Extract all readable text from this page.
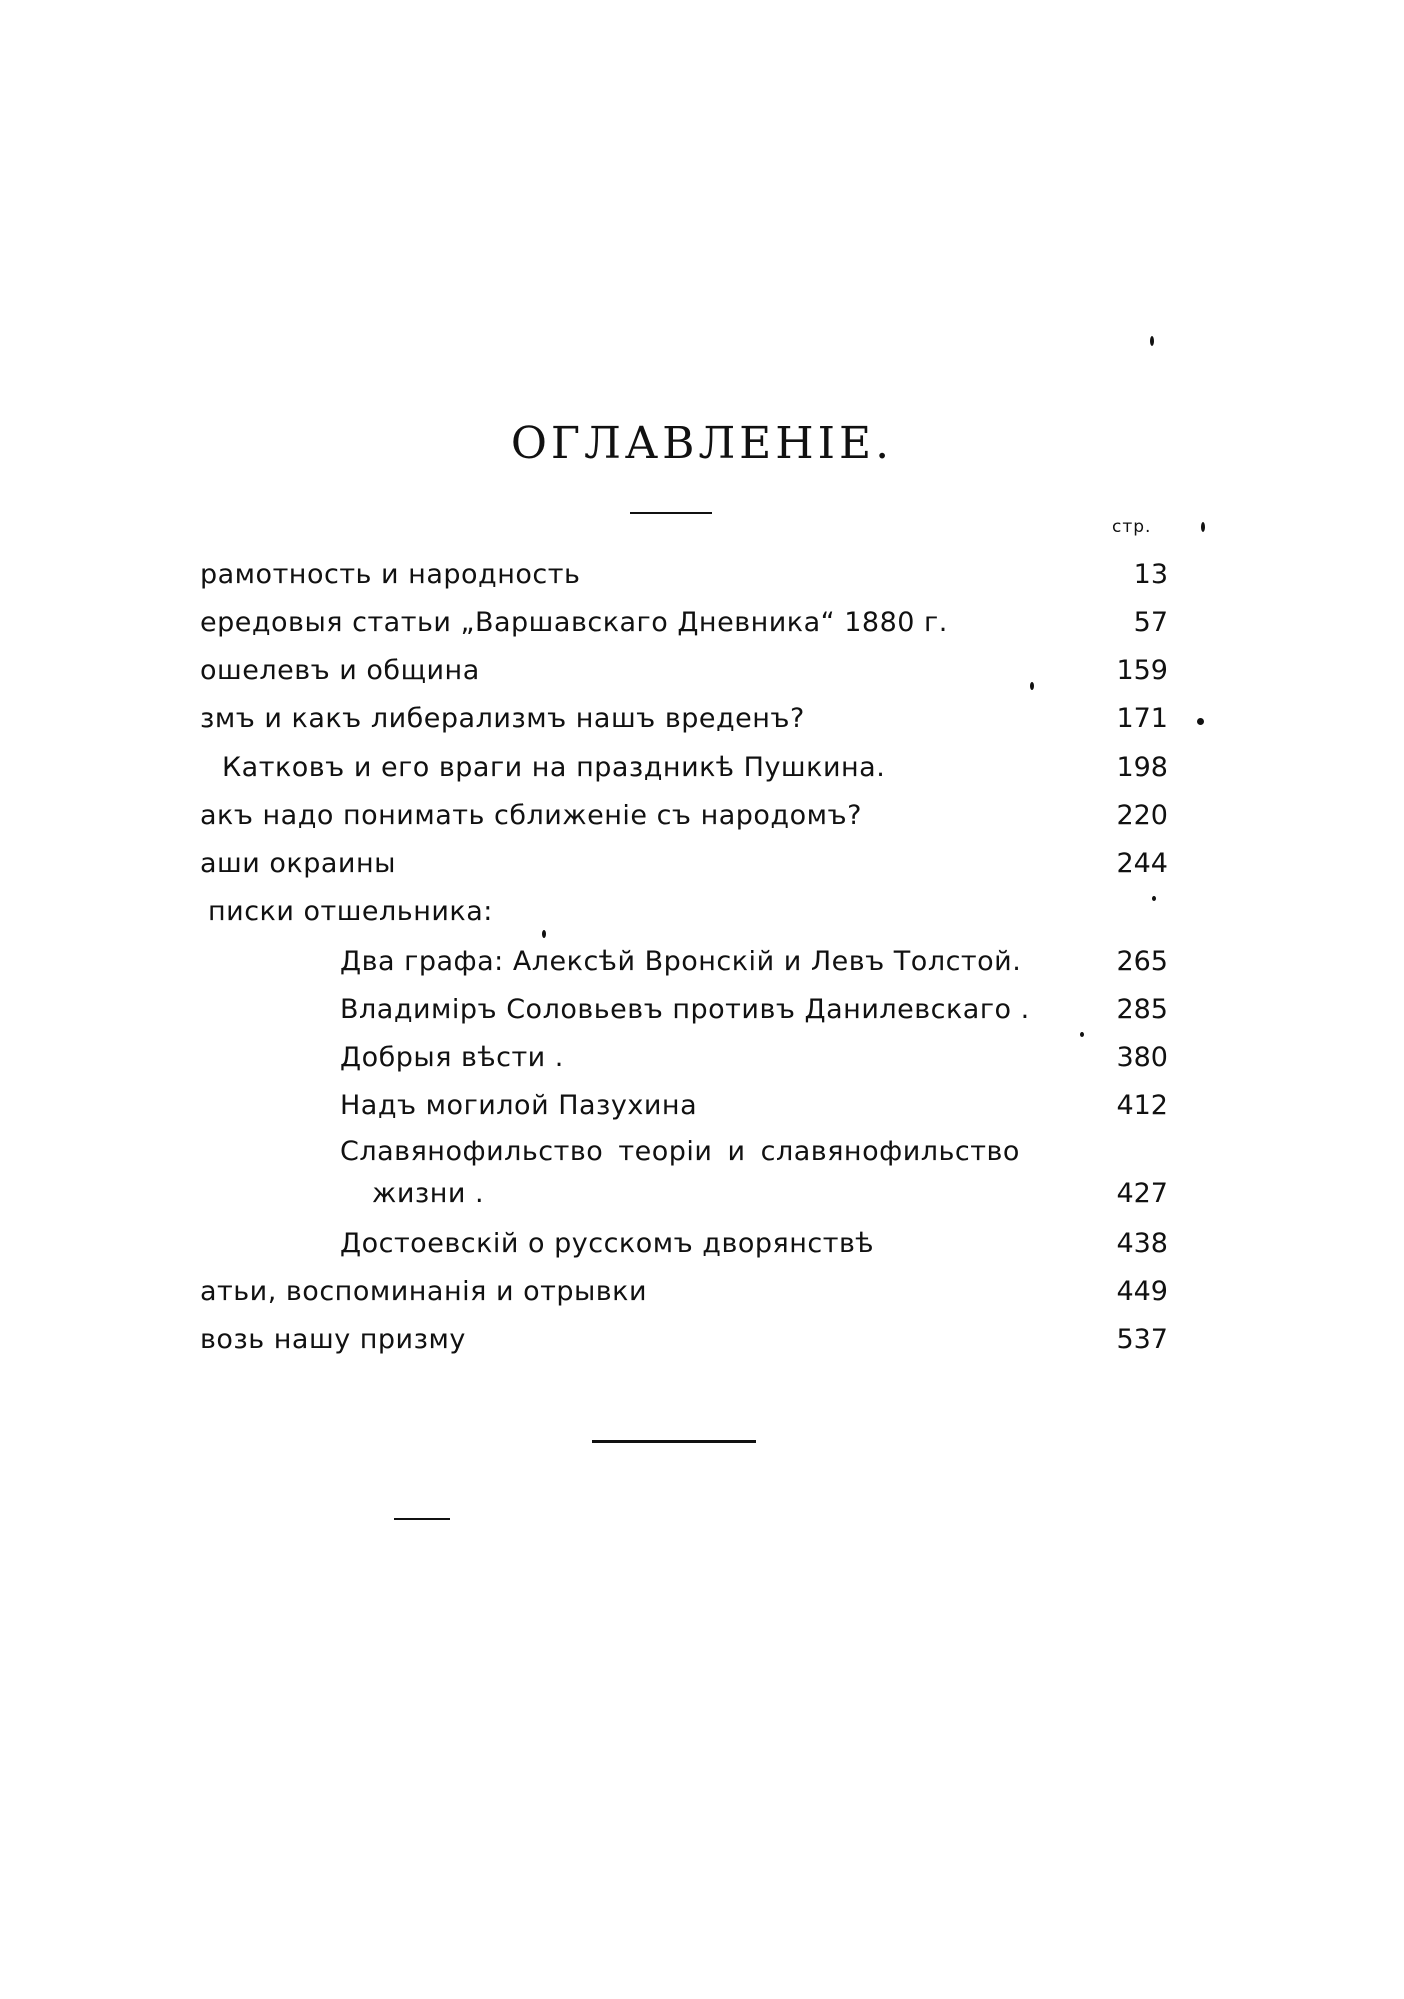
ОГЛАВЛЕНІЕ.
стр.
рамотность и народность	13
ередовыя статьи „Варшавскаго Дневника“ 1880 г.	57
ошелевъ и община	159
змъ и какъ либерализмъ нашъ вреденъ?	171
Катковъ и его враги на праздникѣ Пушкина.	198
акъ надо понимать сближеніе съ народомъ?	220
аши окраины	244
писки отшельника:
Два графа: Алексѣй Вронскій и Левъ Толстой.	265
Владиміръ Соловьевъ противъ Данилевскаго .	285
Добрыя вѣсти .	380
Надъ могилой Пазухина	412
Славянофильство теоріи и славянофильство
жизни .	427
Достоевскій о русскомъ дворянствѣ	438
атьи, воспоминанія и отрывки	449
возь нашу призму	537
